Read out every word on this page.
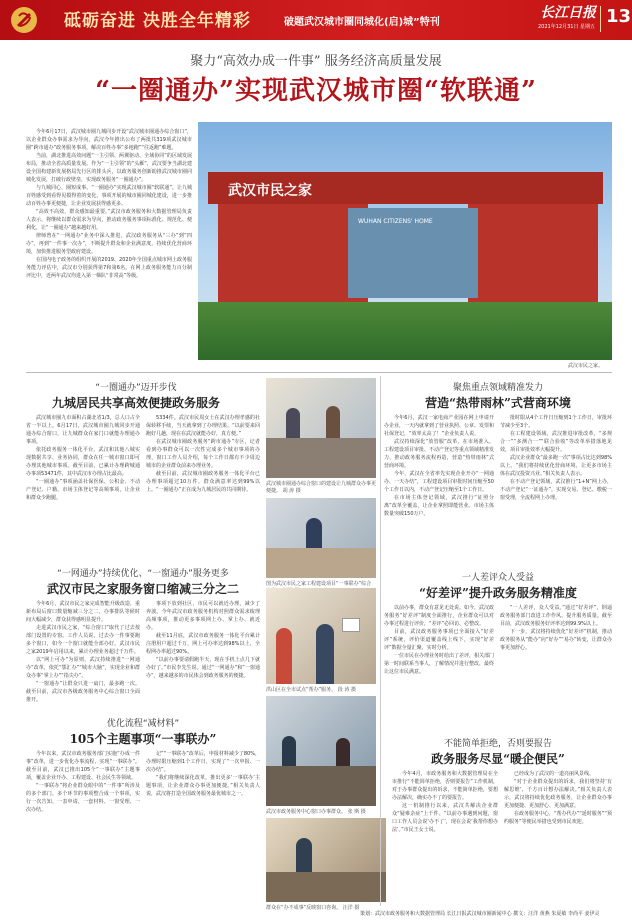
砥砺奋进 决胜全年精彩	破题武汉城市圈同城化(启)城”特刊
长江日报
2021年12月31日 星期五 13
聚力“高效办成一件事” 服务经济高质量发展
“一圈通办”实现武汉城市圈“软联通”

今年6月17日，武汉城市圈九城同步开设“武汉城市圈通办综合窗口”，以企业群众办事需求为导向，武汉今年推出公布了两批共319项武汉城市圈“跨市通办”政务服务事项，解决百姓办事“多地跑”“往返跑”难题。

当前，湖北推进高效问题“一主引领、两翼驱动、全域协同”的区域发展布局，推动全省高质量发展。作为“一主引领”的“头雁”，武汉要争当湖北建设全国构建新发展格局先行区的排头兵，以政务服务创新助推武汉城市圈同城化发展，打破行政壁垒，实现政务服务“一圈通办”。

与九城同心，圈短成事。“一圈通办”实现武汉城市圈“软联通”。让九城百姓感受到看得见摸得着的变化，事项开展的城市圈同城化建设，进一步推动百姓办事更便捷，让企业发展获得感更多。

“高效不高效，群众感知最重要。”武汉市政务服务和大数据管理局负责人表示，将继续以群众需求为导向，推动政务服务事项标准化、规范化、便利化，让“一圈通办”越来越好用。

律师曾在“一网通办”业务中深入推进，武汉政务服务从“三办”到“四办”，再到“一件事一次办”，不断提升群众和企业满意度，持续优化营商环境，加快推进服务型政府建设。

在国内电子政务的组织开展的2019、2020年全国重点城市网上政务服务能力评估中，武汉市分别获得第7和第6名。在网上政务服务能力百分制评比中，近两年武汉均进入第一梯队“非常高”等级。

武汉市民之家
WUHAN CITIZENS' HOME
武汉市民之家。
“一圈通办”迈开步伐
九城居民共享高效便捷政务服务

武汉城市圈九市面积占湖北省1/3，总人口占全省一半以上。6月17日，武汉城市圈九城同步开通通办综合窗口，让九城群众在家门口就能办理通办事项。

依托政务服务一体化平台，武汉和其他八城实现数据共享、业务协同，群众在任一城市窗口即可办理其他城市事项。截至目前，已累计办理跨城通办事项53471件，其中武汉市办理占比最高。

“一圈通办”事项涵盖社保医保、公积金、不动产登记、户籍、市场主体登记等高频事项，让企业和群众少跑腿。

5334件。武汉市民周女士在武汉办理孝感的社保转移手续，当天就拿到了办理结果。“以前要来回跑好几趟，现在在武汉就能办好，真方便。”

在武汉城市圈政务服务“跨市通办”专区，记者看到办事群众可以一次性完成多个城市事项的办理，窗口工作人员介绍，每个工作日都有不少周边城市的企业群众前来办理业务。

截至目前，武汉城市圈政务服务一体化平台已办理事项超过10万件，群众满意率达到99%以上。“一圈通办”正在成为九城居民的共同期待。

“一网通办”持续优化、“一窗通办”服务更多
武汉市民之家服务窗口缩减三分之二

今年6月，武汉市民之家完成智能升级改造，重新布局后窗口数量缩减三分之二，办事排队等候时间大幅减少，群众获得感明显提升。

走进武汉市民之家，“综合窗口”取代了过去按部门设置的专窗。工作人员说，过去办一件事要跑多个窗口，如今一个窗口就能全部办好。武汉市民之家2019年启用以来，累计办理业务超过千万件。

以“网上可办”为原则，武汉持续推进“一网通办”改革，依托“鄂汇办”“城市大脑”，实现企业和群众办事“掌上办”“指尖办”。

“一窗通办”让群众只进一扇门，最多跑一次。截至目前，武汉市各级政务服务中心综合窗口全面推开。

事项下放到社区，市民可以就近办理，减少了奔波。今年武汉市政务服务机构对照群众需求梳理高频事项，推动更多事项网上办、掌上办、就近办。

截至11月底，武汉市政务服务一体化平台累计注册用户超过千万，网上可办率达到98%以上，全程网办率超过90%。

“以前办事要请假跑半天，现在手机上点几下就办好了。”市民李先生说。通过“一网通办”和“一窗通办”，越来越多的市民体会到政务服务的便捷。

优化流程“减材料”
105个主题事项“一事联办”

今年以来，武汉市政务服务部门实施“办成一件事”改革，进一步优化办事流程，实现“一事联办”。截至目前，武汉已推出105个“一事联办”主题事项，覆盖企业开办、工程建设、社会民生等领域。

“一事联办”将企业群众眼中的“一件事”所涉及的多个部门、多个环节的事项整合成一个事项，实行一次告知、一表申请、一套材料、一窗受理、一次办结。

记”“一事联办”改革后，申报材料减少了80%，办理时限压缩到1个工作日，实现了“一次申报、一次办结”。

“我们将继续深化改革，推出更多‘一事联办’主题事项，让企业群众办事更加便捷。”相关负责人说，武汉将打造全国政务服务最优城市之一。

武汉城市圈通办综合窗口的建设让九城群众办事更便捷。 胡 涛 摄
图为武汉市民之家工程建设项目“一事联办”综合
洪山区在全市试点“帮办”服务。 段 涛 摄
武汉市政务服务中心窗口办事群众。 张 斯 摄
群众在“办不成事”反映窗口咨询。 汪洋 摄
聚焦重点领域精准发力
营造“热带雨林”式营商环境

今年6月，武汉一家电商产业园在网上申请开办企业，一天内就拿到了营业执照、公章、发票和社保登记，“效率太高了！”企业负责人说。

武汉持续深化“放管服”改革，在市场准入、工程建设项目审批、不动产登记等重点领域精准发力，推动政务服务流程再造，营造“热带雨林”式营商环境。

今年，武汉在全省率先实现企业开办“一网通办、一天办结”，工程建设项目审批时间压缩至50个工作日以内，不动产登记压缩至1个工作日。

在市场主体登记领域，武汉推行“证照分离”改革全覆盖，让企业拿照即能营业。市场主体数量突破150万户。

批时限从4个工作日压缩到1个工作日，审批环节减少至3个。

在工程建设领域，武汉推进审批改革，“多规合一”“多测合一”“联合验收”等改革举措落地见效，项目审批效率大幅提升。

武汉企业群众“最多跑一次”事项占比达到98%以上。“我们将持续优化营商环境，让更多市场主体在武汉投资兴业。”相关负责人表示。

在不动产登记领域，武汉推行“1+N”网上办，不动产登记“一证通办”，实现交易、登记、缴税一窗受理，全流程网上办理。

一人差评众人受益
“好差评”提升政务服务精准度

以前办事，群众有意见无处说。如今，武汉政务服务“好差评”制度全面推行，企业群众可以对办事过程进行评价，“差评”必回访、必整改。

目前，武汉政务服务事项已全面接入“好差评”系统，评价渠道覆盖线上线下，实现“好差评”数据全量汇聚、实时分析。

一位市民在办理业务时给出了差评，相关部门第一时间联系当事人，了解情况并进行整改，最终让这位市民满意。

“一人差评，众人受益。”通过“好差评”，倒逼政务服务部门改进工作作风、提升服务质量。截至目前，武汉政务服务好评率达到99.9%以上。

下一步，武汉将持续优化“好差评”机制，推动政务服务从“能办”向“好办”“易办”转变，让群众办事更加舒心。

不能简单拒绝，否则要报告
政务服务尽显“暖企便民”

今年4月，市政务服务和大数据管理局在全市推行“不能简单拒绝，否则要报告”工作机制，对于办事群众提出的诉求，不能简单拒绝，要想办法解决，确实办不了的要报告。

这一机制推行以来，武汉共解决企业群众“疑难杂症”上千件。“以前办事遇到问题，窗口工作人员会说‘办不了’，现在会说‘我帮你想办法’。”市民王女士说。

已经成为了武汉的一道亮丽风景线。

“对于企业群众提出的诉求，我们将坚持‘有解思维’，千方百计想办法解决。”相关负责人表示，武汉将持续优化政务服务，让企业群众办事更加便捷、更加舒心、更加满意。

在政务服务中心，“帮办代办”“延时服务”“预约服务”等便民举措也受到市民欢迎。

策划：武汉市政务服务和大数据管理局 长江日报武汉城市圈新闻中心 撰文：汪洋 黄燕 朱夏敏 李尚平 姜伊灵
